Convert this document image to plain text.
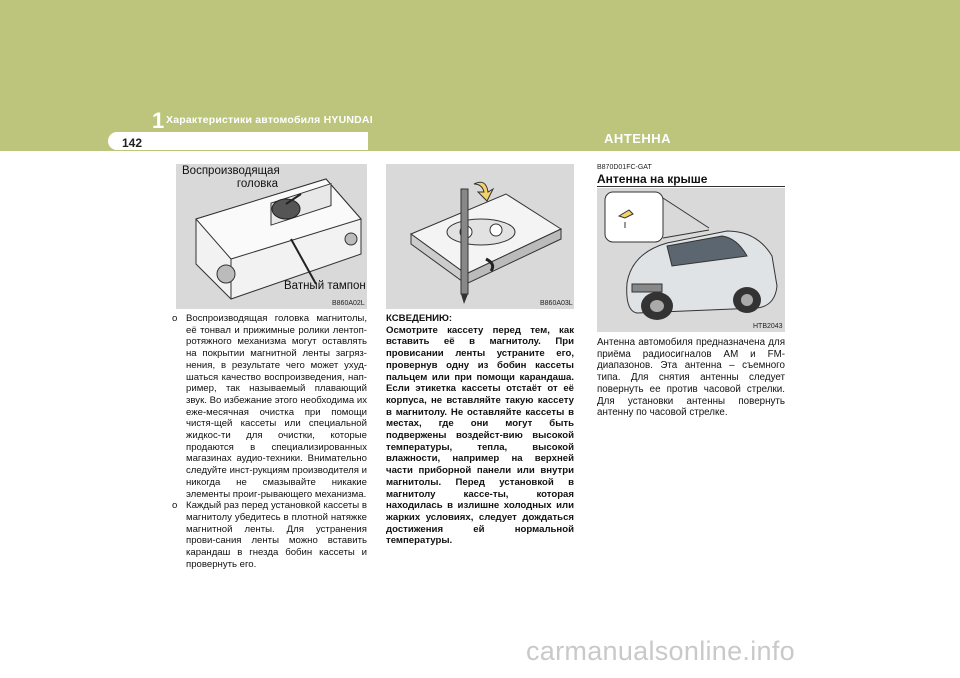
142
1 Характеристики автомобиля HYUNDAI
АНТЕННА
Воспроизводящая
головка
Ватный тампон
B860A02L	B860A03L
o Воспроизводящая головка магнитолы, её тонвал и прижимные ролики лентоп-ротяжного механизма могут оставлять на покрытии магнитной ленты загряз-нения, в результате чего может ухуд-шаться качество воспроизведения, нап-ример, так называемый плавающий звук. Во избежание этого необходима их еже-месячная очистка при помощи чистя-щей кассеты или специальной жидкос-ти для очистки, которые продаются в специализированных магазинах аудио-техники. Внимательно следуйте инст-рукциям производителя и никогда не смазывайте никакие элементы проиг-рывающего механизма.
o Каждый раз перед установкой кассеты в магнитолу убедитесь в плотной натяжке магнитной ленты. Для устранения прови-сания ленты можно вставить карандаш в гнезда бобин кассеты и провернуть его.
КСВЕДЕНИЮ:
Осмотрите кассету перед тем, как вставить её в магнитолу. При провисании ленты устраните его, провернув одну из бобин кассеты пальцем или при помощи карандаша. Если этикетка кассеты отстаёт от её корпуса, не вставляйте такую кассету в магнитолу. Не оставляйте кассеты в местах, где они могут быть подвержены воздейст-вию высокой температуры, тепла, высокой влажности, например на верхней части приборной панели или внутри магнитолы. Перед установкой в магнитолу кассе-ты, которая находилась в излишне холодных или жарких условиях, следует дождаться достижения ей нормальной температуры.
B870D01FC-GAT
Антенна на крыше
HTB2043
Антенна автомобиля предназначена для приёма радиосигналов АМ и FM-диапазонов. Эта антенна – съемного типа. Для снятия антенны следует повернуть ее против часовой стрелки. Для установки антенны повернуть антенну по часовой стрелке.
carmanualsonline.info
